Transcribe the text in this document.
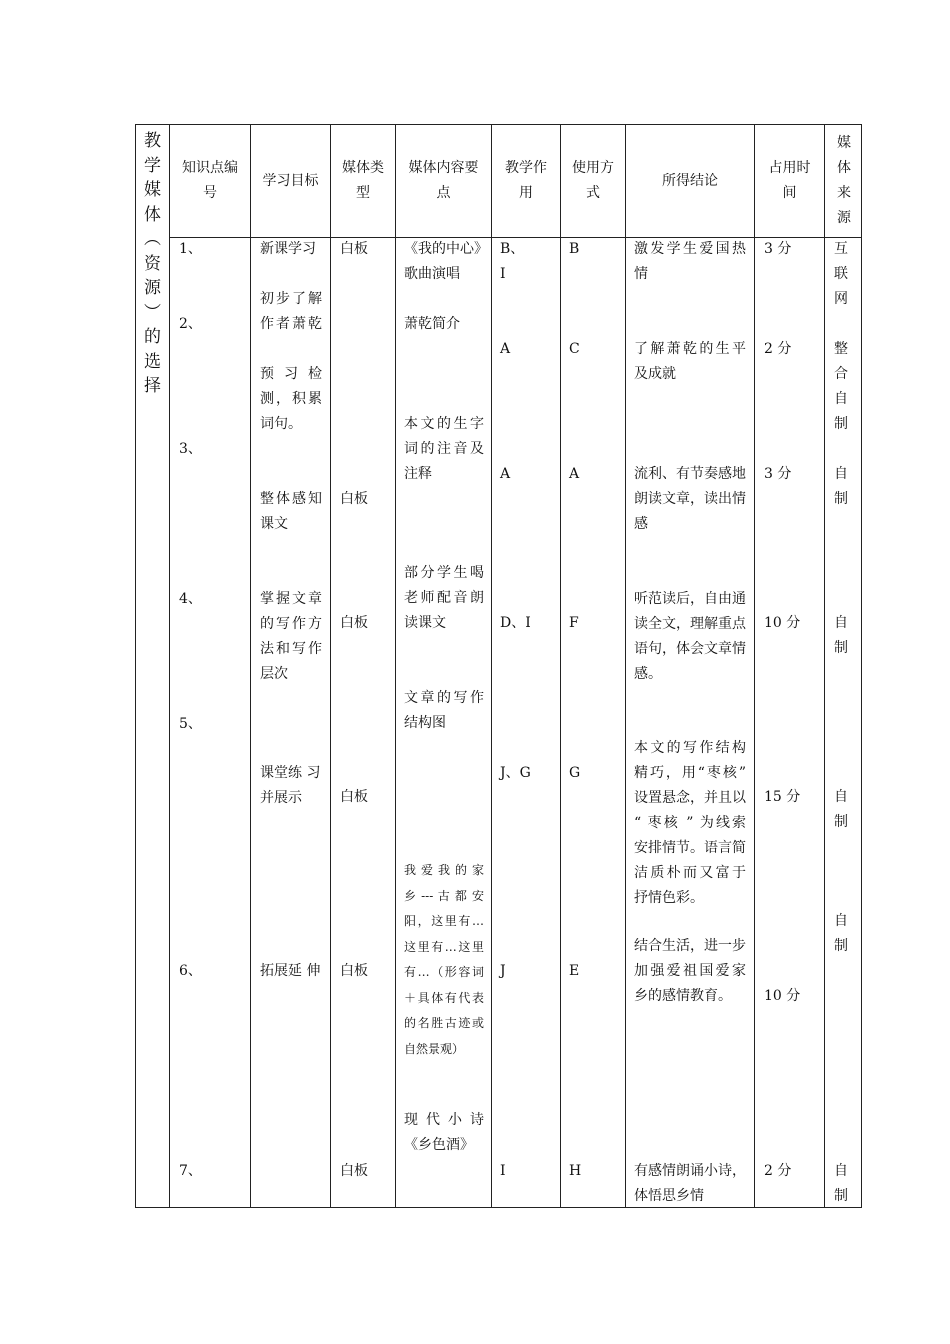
教
学
媒
体
︵
资
源
︶
的
选
择
知识点编
号
学习目标
媒体类
型
媒体内容要
点
教学作
用
使用方
式
所得结论
占用时
间
媒
体
来
源
1、
2、
3、
4、
5、
6、
7、
新课学习
初步了解
作者萧乾
预 习 检
测，积累
词句。
整体感知
课文
掌握文章
的写作方
法和写作
层次
课堂练 习
并展示
拓展延 伸
白板
白板
白板
白板
白板
白板
《我的中心》
歌曲演唱
萧乾简介
本文的生字
词的注音及
注释
部分学生喝
老师配音朗
读课文
文章的写作
结构图
我 爱 我 的 家
乡 --- 古 都 安
阳，这里有…
这里有…这里
有…（形容词
＋具体有代表
的名胜古迹或
自然景观）
现 代 小 诗
《乡色酒》
B、
I
A
A
D、I
J、G
J
I
B
C
A
F
G
E
H
激发学生爱国热
情
了解萧乾的生平
及成就
流利、有节奏感地
朗读文章，读出情
感
听范读后，自由通
读全文，理解重点
语句，体会文章情
感。
本文的写作结构
精巧，用“枣核”
设置悬念，并且以
“ 枣核 ” 为线索
安排情节。语言简
洁质朴而又富于
抒情色彩。
结合生活，进一步
加强爱祖国爱家
乡的感情教育。
有感情朗诵小诗，
体悟思乡情
3 分
2 分
3 分
10 分
15 分
10 分
2 分
互
联
网
整
合
自
制
自
制
自
制
自
制
自
制
自
制
